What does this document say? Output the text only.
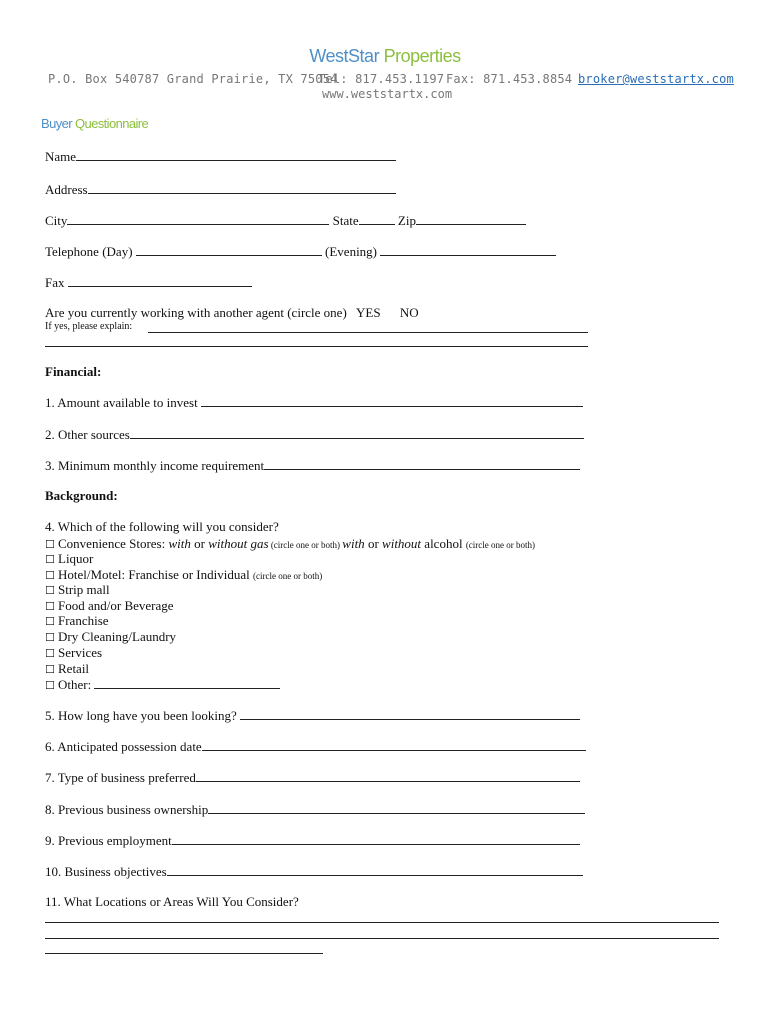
WestStar Properties
P.O. Box 540787 Grand Prairie, TX 75054
Tel: 817.453.1197 Fax: 871.453.8854 broker@weststartx.com
www.weststartx.com
Buyer Questionnaire
Name
Address
City	State	Zip
Telephone (Day)	(Evening)
Fax
Are you currently working with another agent (circle one) YES NO
If yes, please explain:
Financial:
1. Amount available to invest
2. Other sources
3. Minimum monthly income requirement
Background:
4. Which of the following will you consider?
☐ Convenience Stores: with or without gas (circle one or both) with or without alcohol (circle one or both)
☐ Liquor
☐ Hotel/Motel: Franchise or Individual (circle one or both)
☐ Strip mall
☐ Food and/or Beverage
☐ Franchise
☐ Dry Cleaning/Laundry
☐ Services
☐ Retail
☐ Other:
5. How long have you been looking?
6. Anticipated possession date
7. Type of business preferred
8. Previous business ownership
9. Previous employment
10. Business objectives
11. What Locations or Areas Will You Consider?
